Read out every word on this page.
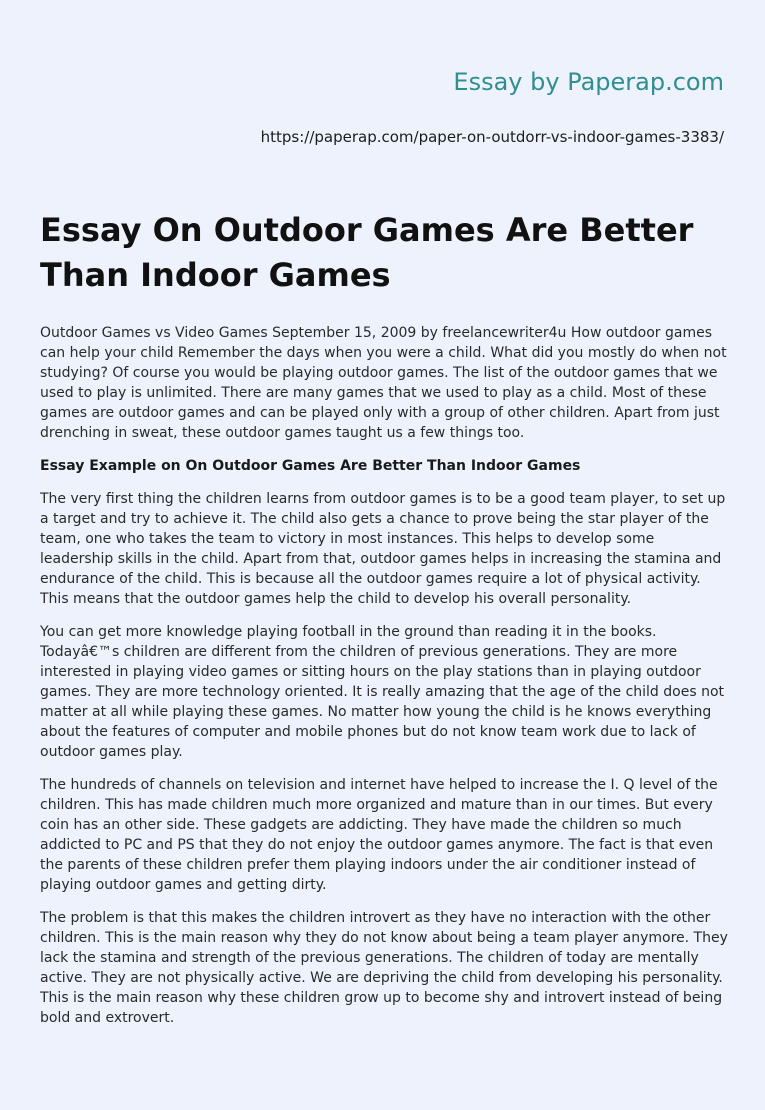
Essay by Paperap.com
https://paperap.com/paper-on-outdorr-vs-indoor-games-3383/
Essay On Outdoor Games Are Better Than Indoor Games

Outdoor Games vs Video Games September 15, 2009 by freelancewriter4u How outdoor games can help your child Remember the days when you were a child. What did you mostly do when not studying? Of course you would be playing outdoor games. The list of the outdoor games that we used to play is unlimited. There are many games that we used to play as a child. Most of these games are outdoor games and can be played only with a group of other children. Apart from just drenching in sweat, these outdoor games taught us a few things too.

Essay Example on On Outdoor Games Are Better Than Indoor Games

The very first thing the children learns from outdoor games is to be a good team player, to set up a target and try to achieve it. The child also gets a chance to prove being the star player of the team, one who takes the team to victory in most instances. This helps to develop some leadership skills in the child. Apart from that, outdoor games helps in increasing the stamina and endurance of the child. This is because all the outdoor games require a lot of physical activity. This means that the outdoor games help the child to develop his overall personality.

You can get more knowledge playing football in the ground than reading it in the books. Todayâ€™s children are different from the children of previous generations. They are more interested in playing video games or sitting hours on the play stations than in playing outdoor games. They are more technology oriented. It is really amazing that the age of the child does not matter at all while playing these games. No matter how young the child is he knows everything about the features of computer and mobile phones but do not know team work due to lack of outdoor games play.

The hundreds of channels on television and internet have helped to increase the I. Q level of the children. This has made children much more organized and mature than in our times. But every coin has an other side. These gadgets are addicting. They have made the children so much addicted to PC and PS that they do not enjoy the outdoor games anymore. The fact is that even the parents of these children prefer them playing indoors under the air conditioner instead of playing outdoor games and getting dirty.

The problem is that this makes the children introvert as they have no interaction with the other children. This is the main reason why they do not know about being a team player anymore. They lack the stamina and strength of the previous generations. The children of today are mentally active. They are not physically active. We are depriving the child from developing his personality. This is the main reason why these children grow up to become shy and introvert instead of being bold and extrovert.
